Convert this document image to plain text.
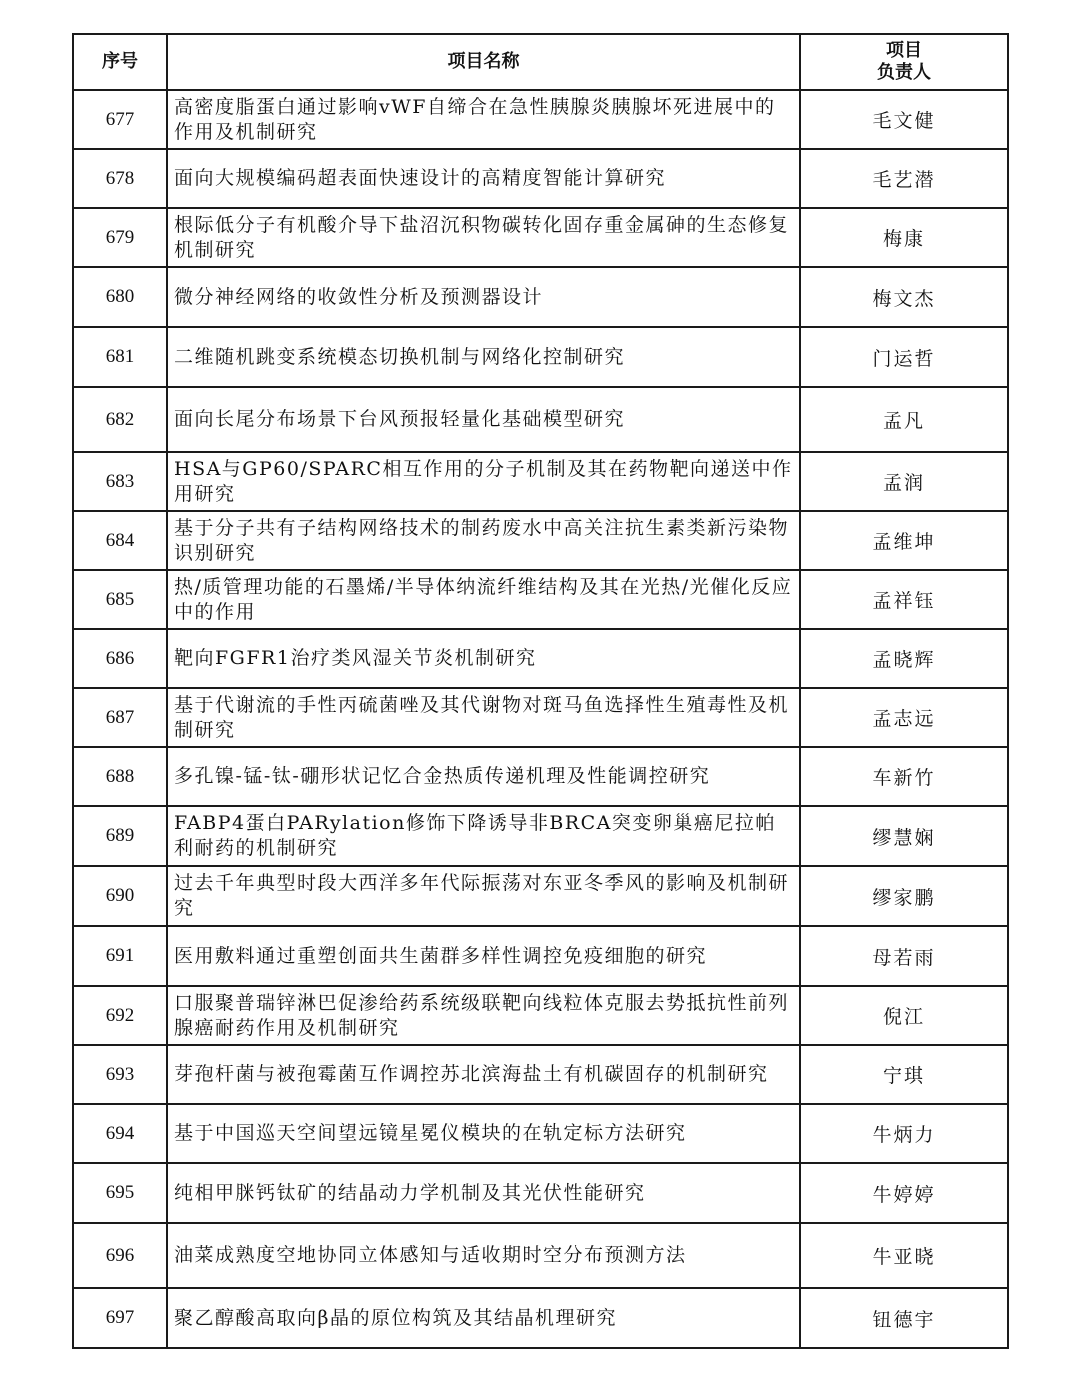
序号	项目名称	项目
负责人

677	高密度脂蛋白通过影响vWF自缔合在急性胰腺炎胰腺坏死进展中的作用及机制研究	毛文健
678	面向大规模编码超表面快速设计的高精度智能计算研究	毛艺潜
679	根际低分子有机酸介导下盐沼沉积物碳转化固存重金属砷的生态修复机制研究	梅康
680	微分神经网络的收敛性分析及预测器设计	梅文杰
681	二维随机跳变系统模态切换机制与网络化控制研究	门运哲
682	面向长尾分布场景下台风预报轻量化基础模型研究	孟凡
683	HSA与GP60/SPARC相互作用的分子机制及其在药物靶向递送中作用研究	孟润
684	基于分子共有子结构网络技术的制药废水中高关注抗生素类新污染物识别研究	孟维坤
685	热/质管理功能的石墨烯/半导体纳流纤维结构及其在光热/光催化反应中的作用	孟祥钰
686	靶向FGFR1治疗类风湿关节炎机制研究	孟晓辉
687	基于代谢流的手性丙硫菌唑及其代谢物对斑马鱼选择性生殖毒性及机制研究	孟志远
688	多孔镍-锰-钛-硼形状记忆合金热质传递机理及性能调控研究	车新竹
689	FABP4蛋白PARylation修饰下降诱导非BRCA突变卵巢癌尼拉帕利耐药的机制研究	缪慧娴
690	过去千年典型时段大西洋多年代际振荡对东亚冬季风的影响及机制研究	缪家鹏
691	医用敷料通过重塑创面共生菌群多样性调控免疫细胞的研究	母若雨
692	口服聚普瑞锌淋巴促渗给药系统级联靶向线粒体克服去势抵抗性前列腺癌耐药作用及机制研究	倪江
693	芽孢杆菌与被孢霉菌互作调控苏北滨海盐土有机碳固存的机制研究	宁琪
694	基于中国巡天空间望远镜星冕仪模块的在轨定标方法研究	牛炳力
695	纯相甲脒钙钛矿的结晶动力学机制及其光伏性能研究	牛婷婷
696	油菜成熟度空地协同立体感知与适收期时空分布预测方法	牛亚晓
697	聚乙醇酸高取向β晶的原位构筑及其结晶机理研究	钮德宇
